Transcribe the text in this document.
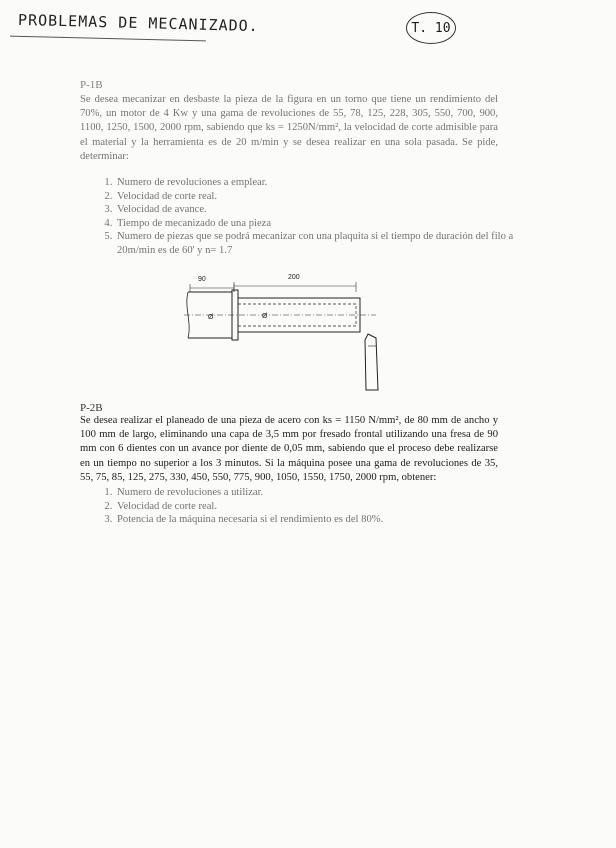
PROBLEMAS DE MECANIZADO.	T. 10
P-1B

Se desea mecanizar en desbaste la pieza de la figura en un torno que tiene un rendimiento del 70%, un motor de 4 Kw y una gama de revoluciones de 55, 78, 125, 228, 305, 550, 700, 900, 1100, 1250, 1500, 2000 rpm, sabiendo que ks = 1250N/mm², la velocidad de corte admisible para el material y la herramienta es de 20 m/min y se desea realizar en una sola pasada. Se pide, determinar:

1. Numero de revoluciones a emplear.
2. Velocidad de corte real.
3. Velocidad de avance.
4. Tiempo de mecanizado de una pieza
5. Numero de piezas que se podrá mecanizar con una plaquita si el tiempo de duración del filo a 20m/min es de 60' y n= 1.7
90	200
Ø	Ø
P-2B

Se desea realizar el planeado de una pieza de acero con ks = 1150 N/mm², de 80 mm de ancho y 100 mm de largo, eliminando una capa de 3,5 mm por fresado frontal utilizando una fresa de 90 mm con 6 dientes con un avance por diente de 0,05 mm, sabiendo que el proceso debe realizarse en un tiempo no superior a los 3 minutos. Si la máquina posee una gama de revoluciones de 35, 55, 75, 85, 125, 275, 330, 450, 550, 775, 900, 1050, 1550, 1750, 2000 rpm, obtener:

1. Numero de revoluciones a utilizar.
2. Velocidad de corte real.
3. Potencia de la máquina necesaria si el rendimiento es del 80%.
